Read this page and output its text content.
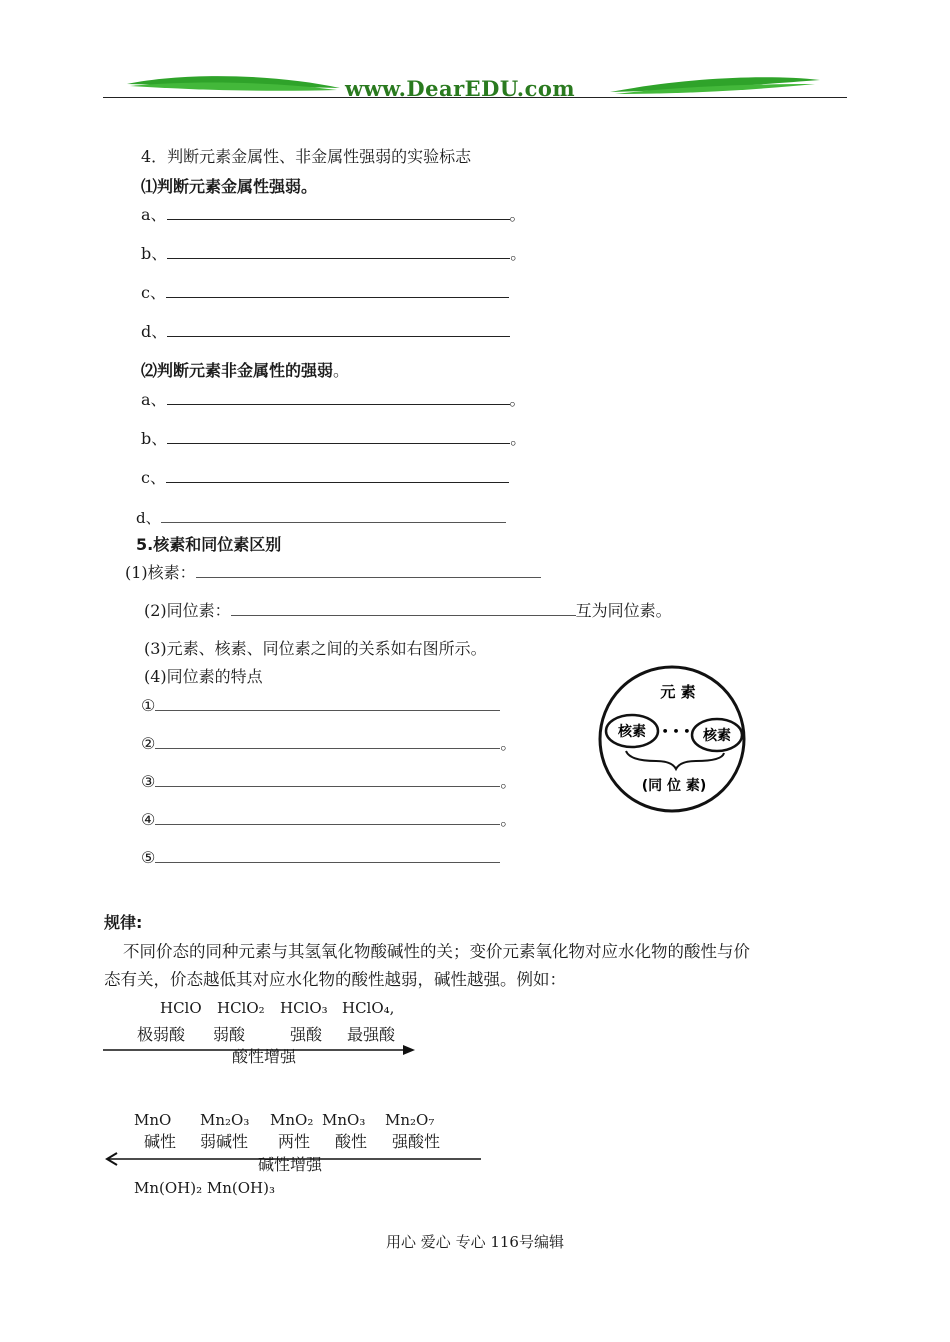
www.DearEDU.com
4．判断元素金属性、非金属性强弱的实验标志
⑴判断元素金属性强弱。
a、	。
b、	。
c、
d、
⑵判断元素非金属性的强弱。
a、	。
b、	。
c、
d、
5.核素和同位素区别
(1)核素：
(2)同位素：	互为同位素。
(3)元素、核素、同位素之间的关系如右图所示。
(4)同位素的特点
①
②	。
③	。
④	。
⑤
元 素
核素 • • • 核素
(同 位 素)
规律:
不同价态的同种元素与其氢氧化物酸碱性的关；变价元素氧化物对应水化物的酸性与价
态有关，价态越低其对应水化物的酸性越弱，碱性越强。例如：
HClO HClO₂ HClO₃ HClO₄,
极弱酸 弱酸	强酸 最强酸
酸性增强
MnO Mn₂O₃ MnO₂ MnO₃ Mn₂O₇
碱性 弱碱性 两性 酸性 强酸性
碱性增强
Mn(OH)₂ Mn(OH)₃
用心 爱心 专心 116号编辑
